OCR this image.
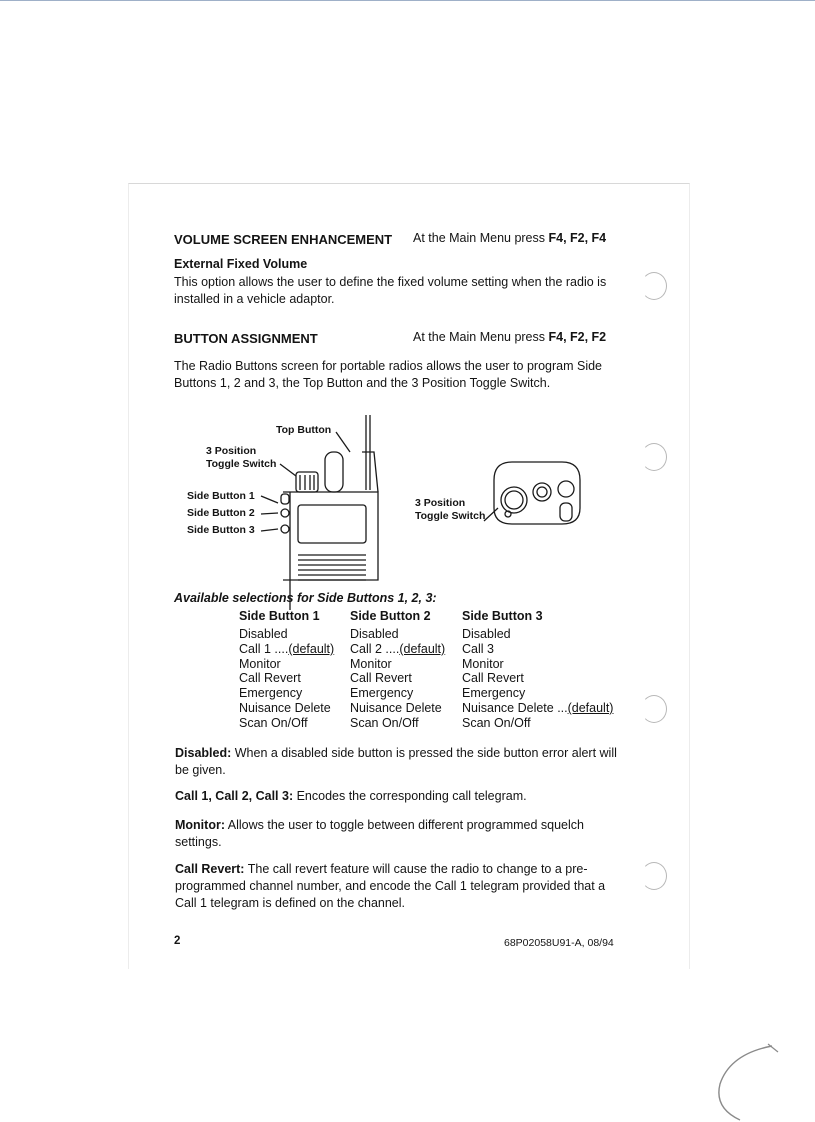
VOLUME SCREEN ENHANCEMENT At the Main Menu press F4, F2, F4
External Fixed Volume
This option allows the user to define the fixed volume setting when the radio is installed in a vehicle adaptor.
BUTTON ASSIGNMENT	At the Main Menu press F4, F2, F2
The Radio Buttons screen for portable radios allows the user to program Side Buttons 1, 2 and 3, the Top Button and the 3 Position Toggle Switch.
Top Button
3 Position
Toggle Switch
Side Button 1
Side Button 2
Side Button 3
3 Position
Toggle Switch
Available selections for Side Buttons 1, 2, 3:
Side Button 1
Disabled
Call 1 ....(default)
Monitor
Call Revert
Emergency
Nuisance Delete
Scan On/Off
Side Button 2
Disabled
Call 2 ....(default)
Monitor
Call Revert
Emergency
Nuisance Delete
Scan On/Off
Side Button 3
Disabled
Call 3
Monitor
Call Revert
Emergency
Nuisance Delete ...(default)
Scan On/Off
Disabled: When a disabled side button is pressed the side button error alert will be given.
Call 1, Call 2, Call 3: Encodes the corresponding call telegram.
Monitor: Allows the user to toggle between different programmed squelch settings.
Call Revert: The call revert feature will cause the radio to change to a pre-programmed channel number, and encode the Call 1 telegram provided that a Call 1 telegram is defined on the channel.
2	68P02058U91-A, 08/94
